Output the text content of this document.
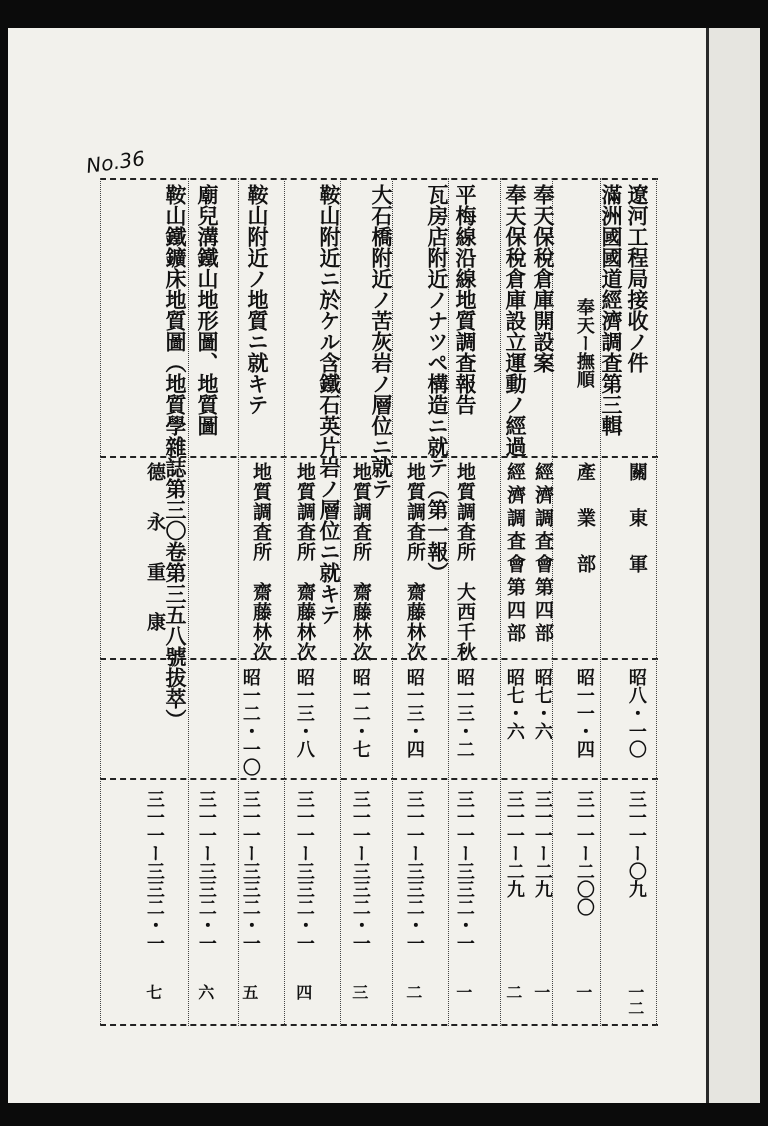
No.36
遼河工程局接收ノ件
關　東　軍
昭八・一〇
三一一ー〇九
一二
滿洲國國道經濟調査第三輯
奉天ー撫順
產　業　部
昭一一・四
三一一ー二〇〇
一
奉天保稅倉庫開設案
經濟調査會第四部
昭七・六
三一一ー二九
一
奉天保稅倉庫設立運動ノ經過
經濟調査會第四部
昭七・六
三一一ー二九
二
平梅線沿線地質調査報告
地質調査所　大西千秋
昭一三・二
三一一ー三三二・一
一
瓦房店附近ノナツペ構造ニ就テ（第一報）
地質調査所　齋藤林次
昭一三・四
三一一ー三三二・一
二
大石橋附近ノ苦灰岩ノ層位ニ就テ
地質調査所　齋藤林次
昭一二・七
三一一ー三三二・一
三
鞍山附近ニ於ケル含鐵石英片岩ノ層位ニ就キテ
地質調査所　齋藤林次
昭一三・八
三一一ー三三二・一
四
鞍山附近ノ地質ニ就キテ
地質調査所　齋藤林次
昭一二・一〇
三一一ー三三二・一
五
廟兒溝鐵山地形圖、地質圖
三一一ー三三二・一
六
鞍山鐵鑛床地質圖（地質學雜誌第三〇卷第三五八號拔萃）
德　永　重　康
三一一ー三三二・一
七
